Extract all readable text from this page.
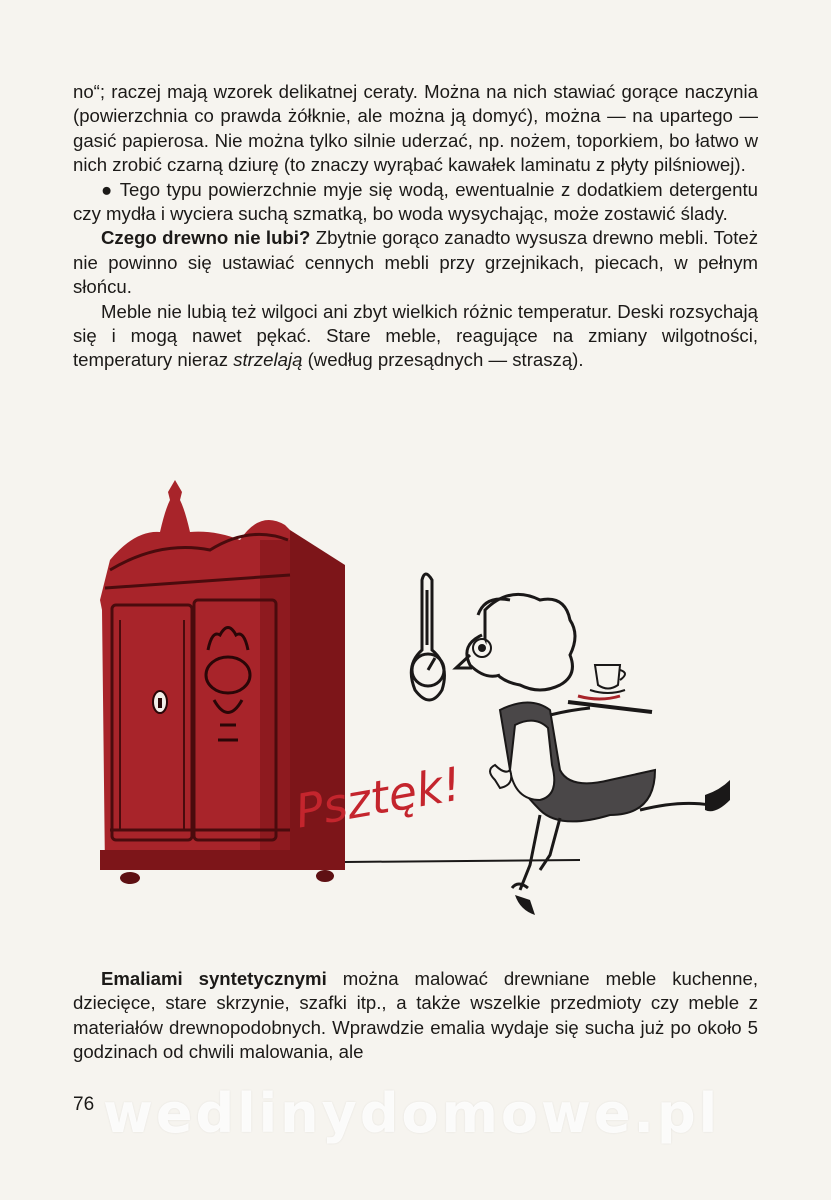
no“; raczej mają wzorek delikatnej ceraty. Można na nich stawiać gorące naczynia (powierzchnia co prawda żółknie, ale można ją domyć), można — na upartego — gasić papierosa. Nie można tylko silnie uderzać, np. nożem, toporkiem, bo łatwo w nich zrobić czarną dziurę (to znaczy wyrąbać kawałek laminatu z płyty pilśniowej).

● Tego typu powierzchnie myje się wodą, ewentualnie z dodatkiem detergentu czy mydła i wyciera suchą szmatką, bo woda wysychając, może zostawić ślady.

Czego drewno nie lubi? Zbytnie gorąco zanadto wysusza drewno mebli. Toteż nie powinno się ustawiać cennych mebli przy grzejnikach, piecach, w pełnym słońcu.

Meble nie lubią też wilgoci ani zbyt wielkich różnic temperatur. Deski rozsychają się i mogą nawet pękać. Stare meble, reagujące na zmiany wilgotności, temperatury nieraz strzelają (według przesądnych — straszą).

Psztęk!

Emaliami syntetycznymi można malować drewniane meble kuchenne, dziecięce, stare skrzynie, szafki itp., a także wszelkie przedmioty czy meble z materiałów drewnopodobnych. Wprawdzie emalia wydaje się sucha już po około 5 godzinach od chwili malowania, ale

76 wedlinydomowe.pl
